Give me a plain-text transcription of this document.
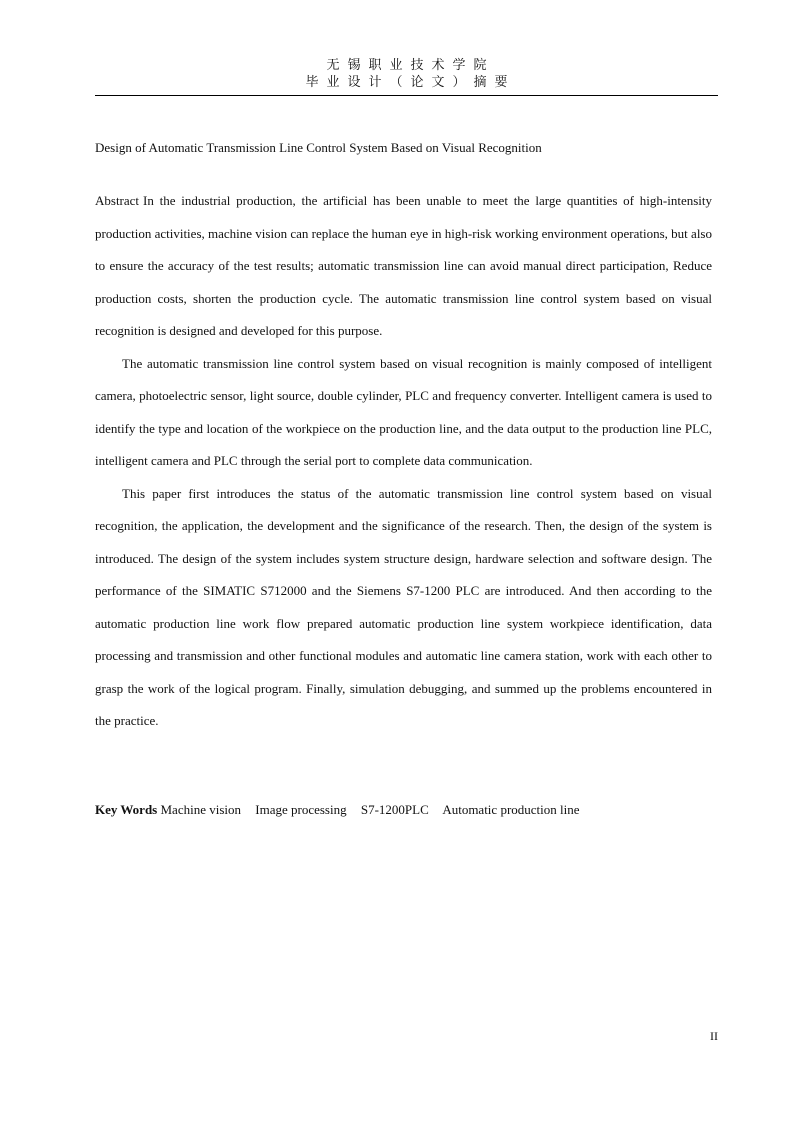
无锡职业技术学院
毕业设计（论文）摘要
Design of Automatic Transmission Line Control System Based on Visual Recognition

Abstract In the industrial production, the artificial has been unable to meet the large quantities of high-intensity production activities, machine vision can replace the human eye in high-risk working environment operations, but also to ensure the accuracy of the test results; automatic transmission line can avoid manual direct participation, Reduce production costs, shorten the production cycle. The automatic transmission line control system based on visual recognition is designed and developed for this purpose.

The automatic transmission line control system based on visual recognition is mainly composed of intelligent camera, photoelectric sensor, light source, double cylinder, PLC and frequency converter. Intelligent camera is used to identify the type and location of the workpiece on the production line, and the data output to the production line PLC, intelligent camera and PLC through the serial port to complete data communication.

This paper first introduces the status of the automatic transmission line control system based on visual recognition, the application, the development and the significance of the research. Then, the design of the system is introduced. The design of the system includes system structure design, hardware selection and software design. The performance of the SIMATIC S712000 and the Siemens S7-1200 PLC are introduced. And then according to the automatic production line work flow prepared automatic production line system workpiece identification, data processing and transmission and other functional modules and automatic line camera station, work with each other to grasp the work of the logical program. Finally, simulation debugging, and summed up the problems encountered in the practice.

Key Words Machine vision Image processing S7-1200PLC Automatic production line
II
